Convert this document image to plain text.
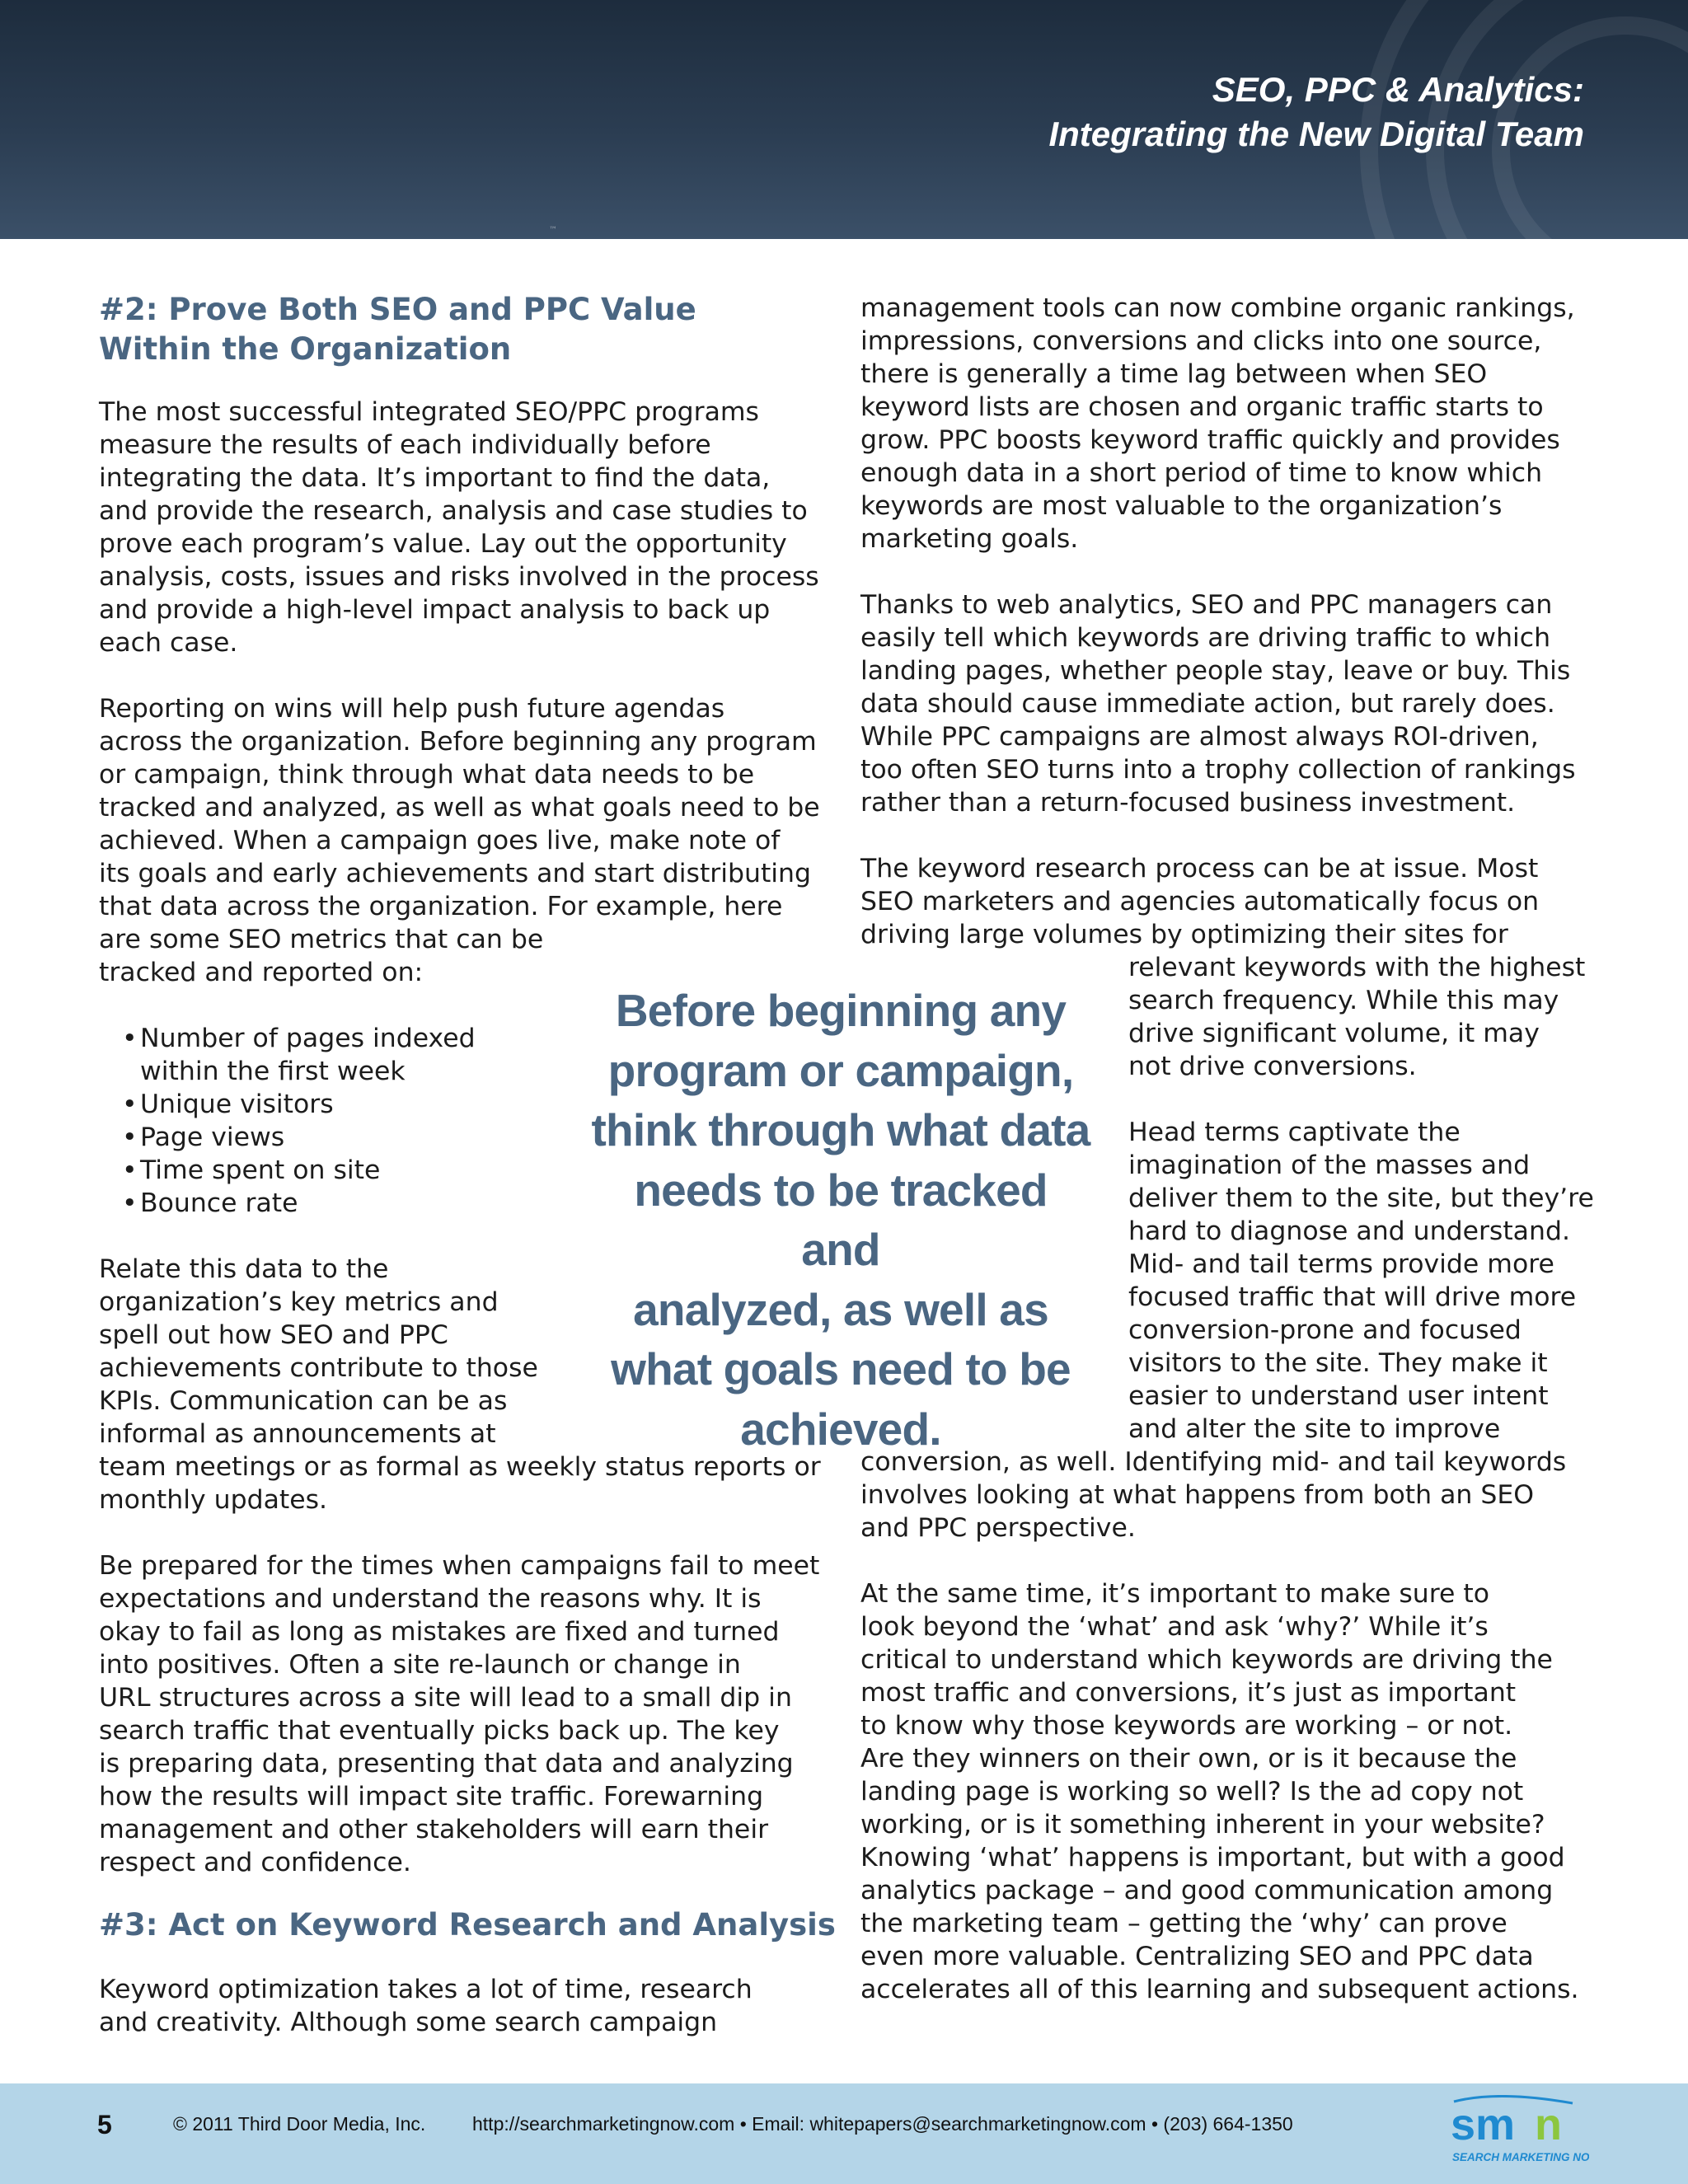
SEO, PPC & Analytics:
Integrating the New Digital Team
™
#2: Prove Both SEO and PPC Value
Within the Organization

The most successful integrated SEO/PPC programs
measure the results of each individually before
integrating the data. It’s important to find the data,
and provide the research, analysis and case studies to
prove each program’s value. Lay out the opportunity
analysis, costs, issues and risks involved in the process
and provide a high-level impact analysis to back up
each case.

Reporting on wins will help push future agendas
across the organization. Before beginning any program
or campaign, think through what data needs to be
tracked and analyzed, as well as what goals need to be
achieved. When a campaign goes live, make note of
its goals and early achievements and start distributing
that data across the organization. For example, here
are some SEO metrics that can be
tracked and reported on:

• Number of pages indexed
within the first week
• Unique visitors
• Page views
• Time spent on site
• Bounce rate

Relate this data to the
organization’s key metrics and
spell out how SEO and PPC
achievements contribute to those
KPIs. Communication can be as
informal as announcements at
team meetings or as formal as weekly status reports or
monthly updates.

Be prepared for the times when campaigns fail to meet
expectations and understand the reasons why. It is
okay to fail as long as mistakes are fixed and turned
into positives. Often a site re-launch or change in
URL structures across a site will lead to a small dip in
search traffic that eventually picks back up. The key
is preparing data, presenting that data and analyzing
how the results will impact site traffic. Forewarning
management and other stakeholders will earn their
respect and confidence.

#3: Act on Keyword Research and Analysis

Keyword optimization takes a lot of time, research
and creativity. Although some search campaign

management tools can now combine organic rankings,
impressions, conversions and clicks into one source,
there is generally a time lag between when SEO
keyword lists are chosen and organic traffic starts to
grow. PPC boosts keyword traffic quickly and provides
enough data in a short period of time to know which
keywords are most valuable to the organization’s
marketing goals.

Thanks to web analytics, SEO and PPC managers can
easily tell which keywords are driving traffic to which
landing pages, whether people stay, leave or buy. This
data should cause immediate action, but rarely does.
While PPC campaigns are almost always ROI-driven,
too often SEO turns into a trophy collection of rankings
rather than a return-focused business investment.

The keyword research process can be at issue. Most
SEO marketers and agencies automatically focus on
driving large volumes by optimizing their sites for

relevant keywords with the highest
search frequency. While this may
drive significant volume, it may
not drive conversions.

Head terms captivate the
imagination of the masses and
deliver them to the site, but they’re
hard to diagnose and understand.
Mid- and tail terms provide more
focused traffic that will drive more
conversion-prone and focused
visitors to the site. They make it
easier to understand user intent
and alter the site to improve

conversion, as well. Identifying mid- and tail keywords
involves looking at what happens from both an SEO
and PPC perspective.

At the same time, it’s important to make sure to
look beyond the ‘what’ and ask ‘why?’ While it’s
critical to understand which keywords are driving the
most traffic and conversions, it’s just as important
to know why those keywords are working – or not.
Are they winners on their own, or is it because the
landing page is working so well? Is the ad copy not
working, or is it something inherent in your website?
Knowing ‘what’ happens is important, but with a good
analytics package – and good communication among
the marketing team – getting the ‘why’ can prove
even more valuable. Centralizing SEO and PPC data
accelerates all of this learning and subsequent actions.

Before beginning any
program or campaign,
think through what data
needs to be tracked and
analyzed, as well as
what goals need to be
achieved.
5	© 2011 Third Door Media, Inc. http://searchmarketingnow.com • Email: whitepapers@searchmarketingnow.com • (203) 664-1350	sm n
SEARCH MARKETING NOW
